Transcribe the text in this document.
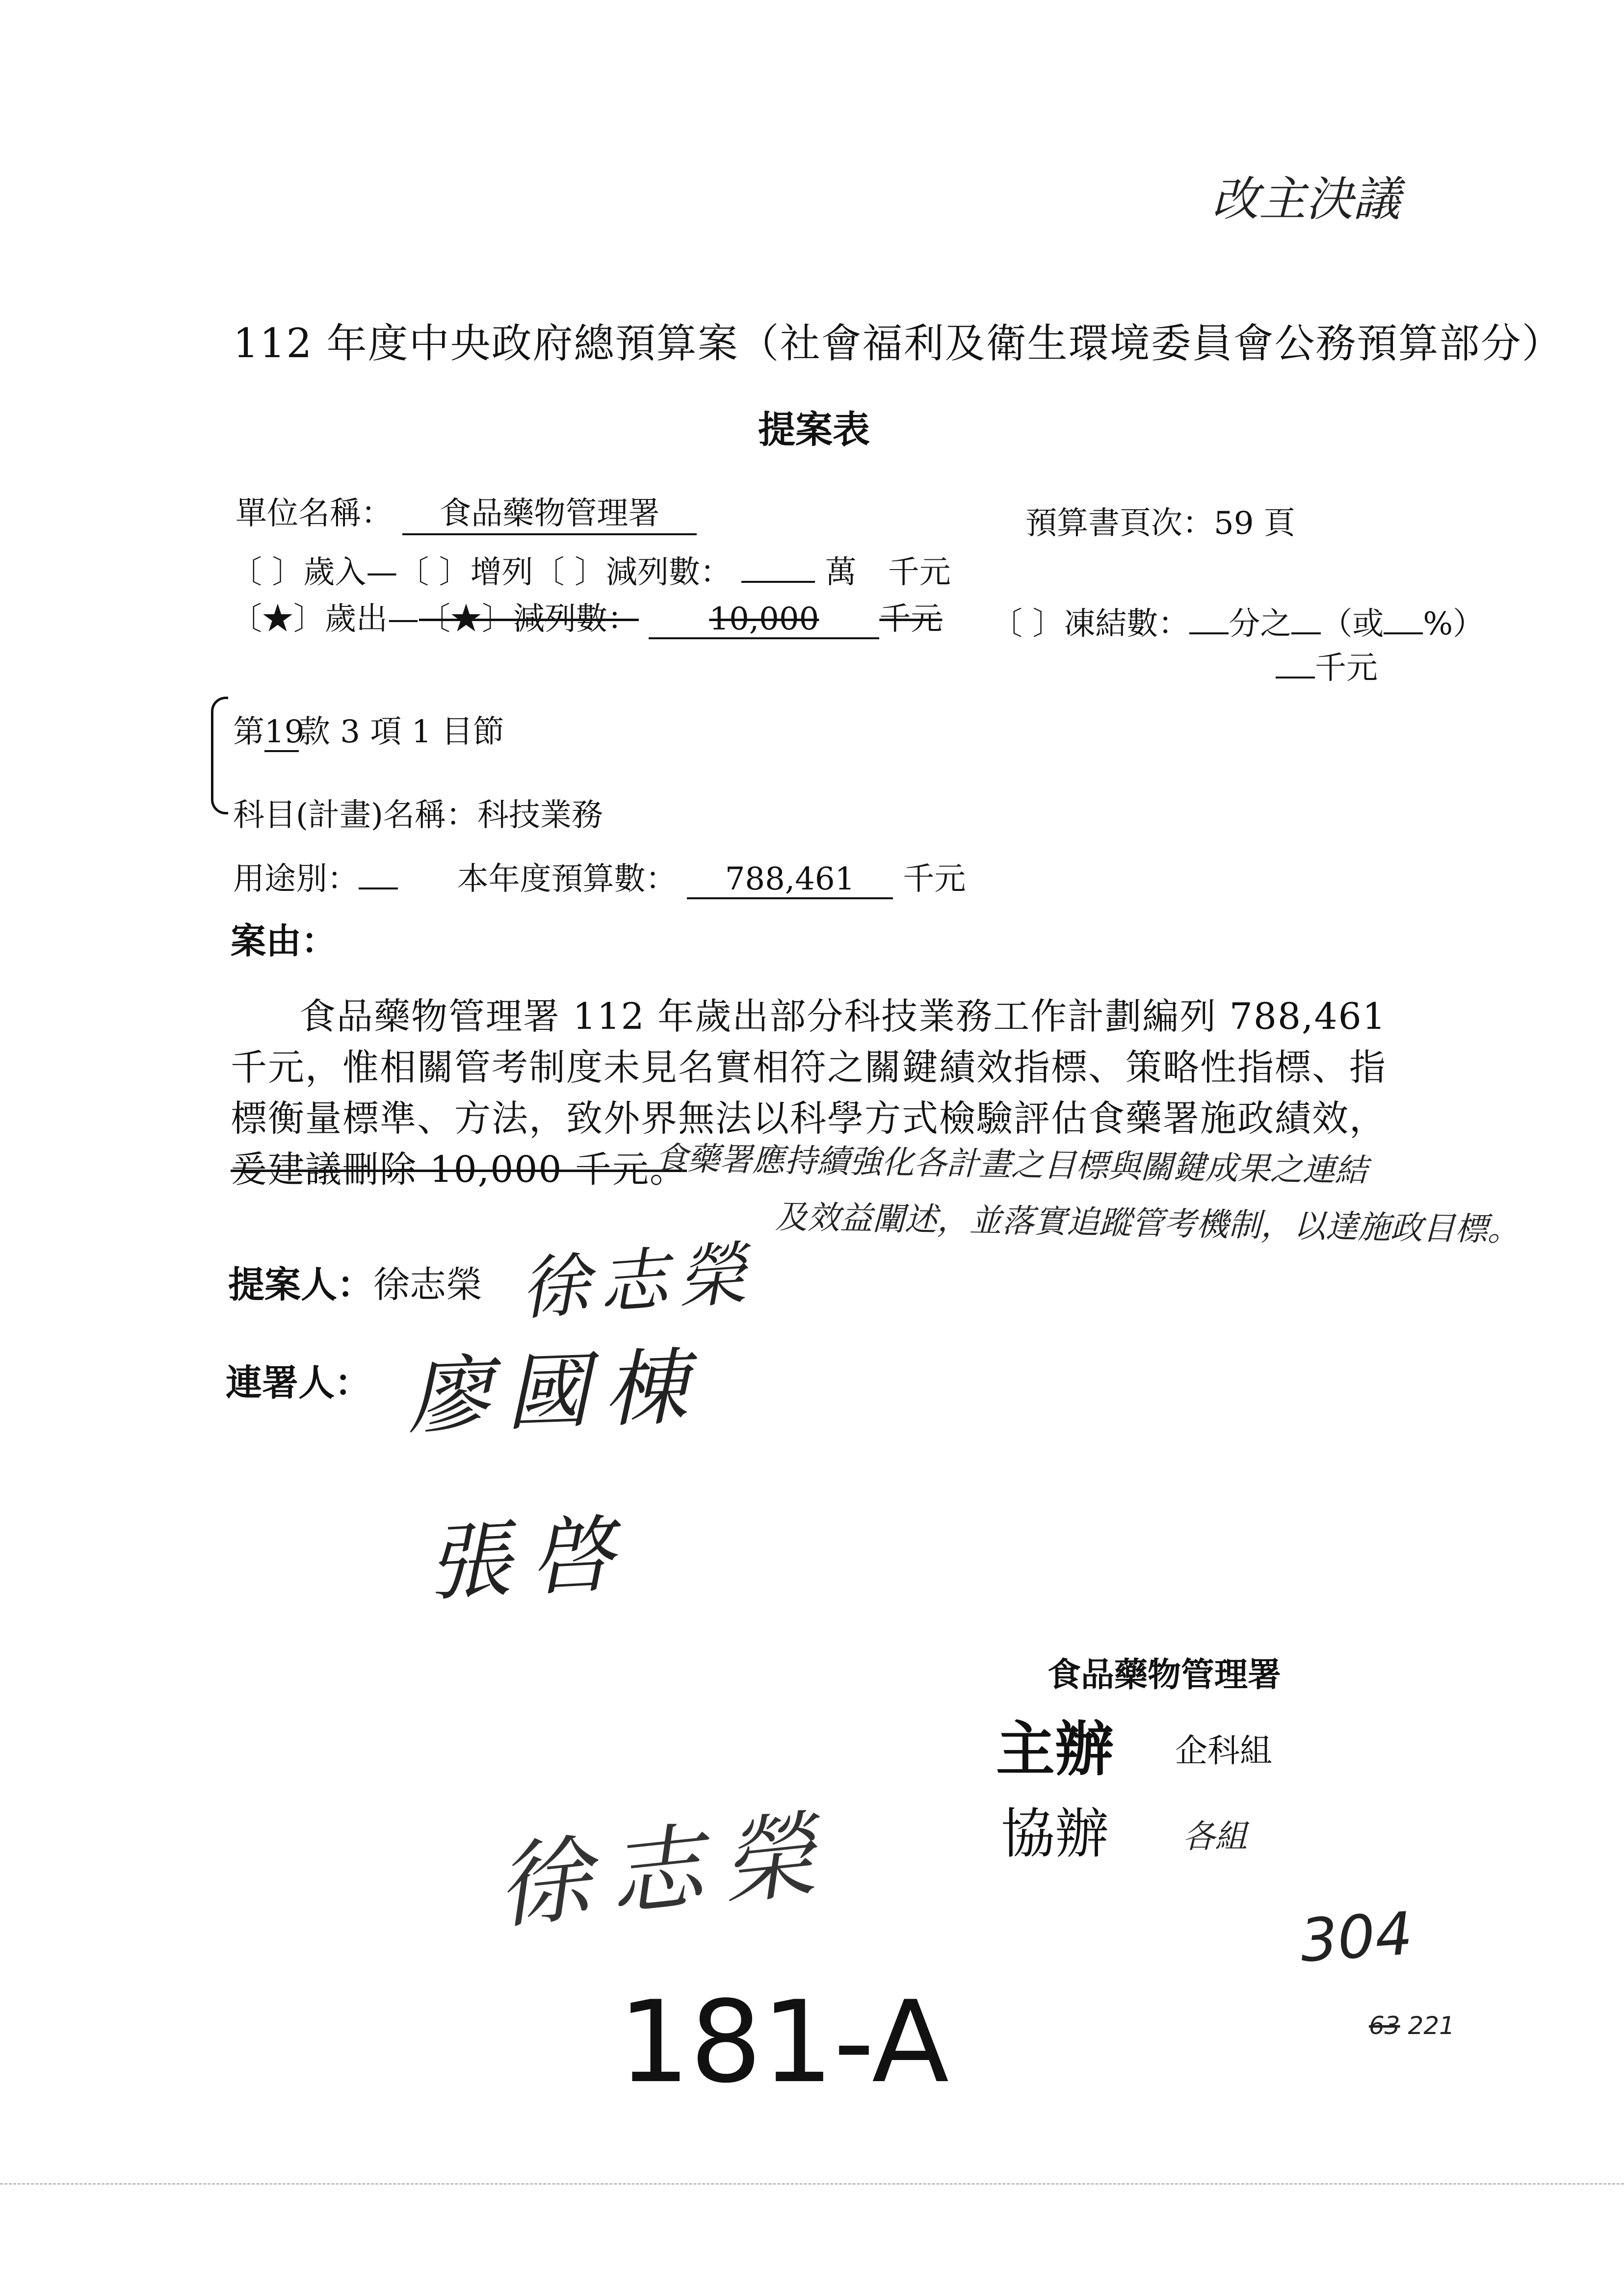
改主決議
112 年度中央政府總預算案（社會福利及衛生環境委員會公務預算部分）
提案表
單位名稱： 食品藥物管理署	預算書頁次：59 頁
〔 〕歲入—〔 〕增列〔 〕減列數：	萬　千元
〔★〕歲出—〔★〕減列數： 10,000 千元 〔 〕凍結數： 分之 （或 %）
千元
第19款 3 項 1 目節
科目(計畫)名稱：科技業務
用途別：	本年度預算數： 788,461 千元
案由：
食品藥物管理署 112 年歲出部分科技業務工作計劃編列 788,461
千元，惟相關管考制度未見名實相符之關鍵績效指標、策略性指標、指
標衡量標準、方法，致外界無法以科學方式檢驗評估食藥署施政績效，
爰建議刪除 10,000 千元。
食藥署應持續強化各計畫之目標與關鍵成果之連結
及效益闡述，並落實追蹤管考機制，以達施政目標。
提案人：徐志榮 徐志榮
連署人： 廖國棟
張啓
食品藥物管理署
主辦 企科組
協辦 各組
徐志榮
181-A
304
63 221
